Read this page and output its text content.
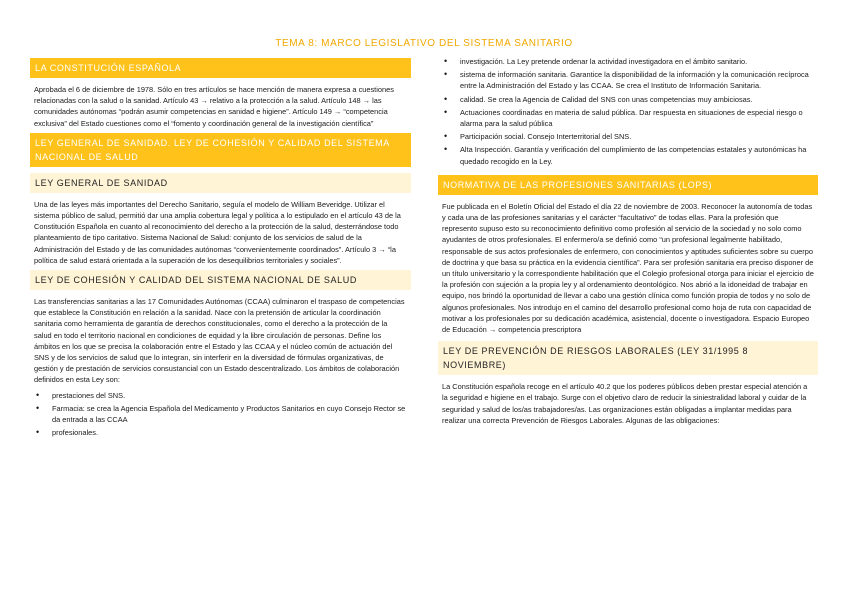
TEMA 8: MARCO LEGISLATIVO DEL SISTEMA SANITARIO
LA CONSTITUCIÓN ESPAÑOLA

Aprobada el 6 de diciembre de 1978. Sólo en tres artículos se hace mención de manera expresa a cuestiones relacionadas con la salud o la sanidad. Artículo 43 → relativo a la protección a la salud. Artículo 148 → las comunidades autónomas “podrán asumir competencias en sanidad e higiene”. Artículo 149 → “competencia exclusiva” del Estado cuestiones como el “fomento y coordinación general de la investigación científica”

LEY GENERAL DE SANIDAD. LEY DE COHESIÓN Y CALIDAD DEL SISTEMA NACIONAL DE SALUD
LEY GENERAL DE SANIDAD

Una de las leyes más importantes del Derecho Sanitario, seguía el modelo de William Beveridge. Utilizar el sistema público de salud, permitió dar una amplia cobertura legal y política a lo estipulado en el artículo 43 de la Constitución Española en cuanto al reconocimiento del derecho a la protección de la salud, desterrándose todo planteamiento de tipo caritativo. Sistema Nacional de Salud: conjunto de los servicios de salud de la Administración del Estado y de las comunidades autónomas “convenientemente coordinados”. Artículo 3 → “la política de salud estará orientada a la superación de los desequilibrios territoriales y sociales”.

LEY DE COHESIÓN Y CALIDAD DEL SISTEMA NACIONAL DE SALUD

Las transferencias sanitarias a las 17 Comunidades Autónomas (CCAA) culminaron el traspaso de competencias que establece la Constitución en relación a la sanidad. Nace con la pretensión de articular la coordinación sanitaria como herramienta de garantía de derechos constitucionales, como el derecho a la protección de la salud en todo el territorio nacional en condiciones de equidad y la libre circulación de personas. Define los ámbitos en los que se precisa la colaboración entre el Estado y las CCAA y el núcleo común de actuación del SNS y de los servicios de salud que lo integran, sin interferir en la diversidad de fórmulas organizativas, de gestión y de prestación de servicios consustancial con un Estado descentralizado. Los ámbitos de colaboración definidos en esta Ley son:

• prestaciones del SNS.
• Farmacia: se crea la Agencia Española del Medicamento y Productos Sanitarios en cuyo Consejo Rector se da entrada a las CCAA
• profesionales.
• investigación. La Ley pretende ordenar la actividad investigadora en el ámbito sanitario.
• sistema de información sanitaria. Garantice la disponibilidad de la información y la comunicación recíproca entre la Administración del Estado y las CCAA. Se crea el Instituto de Información Sanitaria.
• calidad. Se crea la Agencia de Calidad del SNS con unas competencias muy ambiciosas.
• Actuaciones coordinadas en materia de salud pública. Dar respuesta en situaciones de especial riesgo o alarma para la salud pública
• Participación social. Consejo Interterritorial del SNS.
• Alta Inspección. Garantía y verificación del cumplimiento de las competencias estatales y autonómicas ha quedado recogido en la Ley.
NORMATIVA DE LAS PROFESIONES SANITARIAS (LOPS)

Fue publicada en el Boletín Oficial del Estado el día 22 de noviembre de 2003. Reconocer la autonomía de todas y cada una de las profesiones sanitarias y el carácter “facultativo” de todas ellas. Para la profesión que represento supuso esto su reconocimiento definitivo como profesión al servicio de la sociedad y no solo como ayudantes de otros profesionales. El enfermero/a se definió como “un profesional legalmente habilitado, responsable de sus actos profesionales de enfermero, con conocimientos y aptitudes suficientes sobre su cuerpo de doctrina y que basa su práctica en la evidencia científica”. Para ser profesión sanitaria era preciso disponer de un título universitario y la correspondiente habilitación que el Colegio profesional otorga para iniciar el ejercicio de la profesión con sujeción a la propia ley y al ordenamiento deontológico. Nos abrió a la idoneidad de trabajar en equipo, nos brindó la oportunidad de llevar a cabo una gestión clínica como función propia de todos y no solo de algunos profesionales. Nos introdujo en el camino del desarrollo profesional como hoja de ruta con capacidad de motivar a los profesionales por su dedicación académica, asistencial, docente o investigadora. Espacio Europeo de Educación → competencia prescriptora

LEY DE PREVENCIÓN DE RIESGOS LABORALES (LEY 31/1995 8 NOVIEMBRE)

La Constitución española recoge en el artículo 40.2 que los poderes públicos deben prestar especial atención a la seguridad e higiene en el trabajo. Surge con el objetivo claro de reducir la siniestralidad laboral y cuidar de la seguridad y salud de los/as trabajadores/as. Las organizaciones están obligadas a implantar medidas para realizar una correcta Prevención de Riesgos Laborales. Algunas de las obligaciones:
